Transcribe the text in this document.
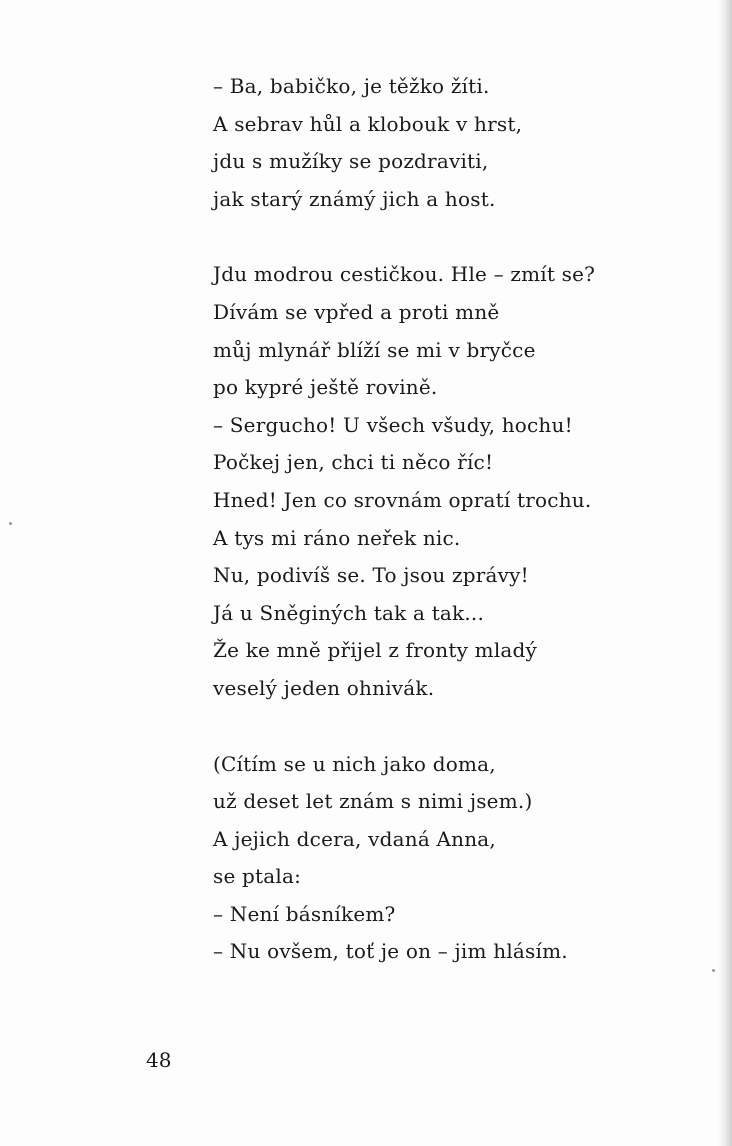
– Ba, babičko, je těžko žíti.
A sebrav hůl a klobouk v hrst,
jdu s mužíky se pozdraviti,
jak starý známý jich a host.
Jdu modrou cestičkou. Hle – zmít se?
Dívám se vpřed a proti mně
můj mlynář blíží se mi v bryčce
po kypré ještě rovině.
– Sergucho! U všech všudy, hochu!
Počkej jen, chci ti něco říc!
Hned! Jen co srovnám opratí trochu.
A tys mi ráno neřek nic.
Nu, podivíš se. To jsou zprávy!
Já u Sněginých tak a tak...
Že ke mně přijel z fronty mladý
veselý jeden ohnivák.
(Cítím se u nich jako doma,
už deset let znám s nimi jsem.)
A jejich dcera, vdaná Anna,
se ptala:
– Není básníkem?
– Nu ovšem, toť je on – jim hlásím.
48
